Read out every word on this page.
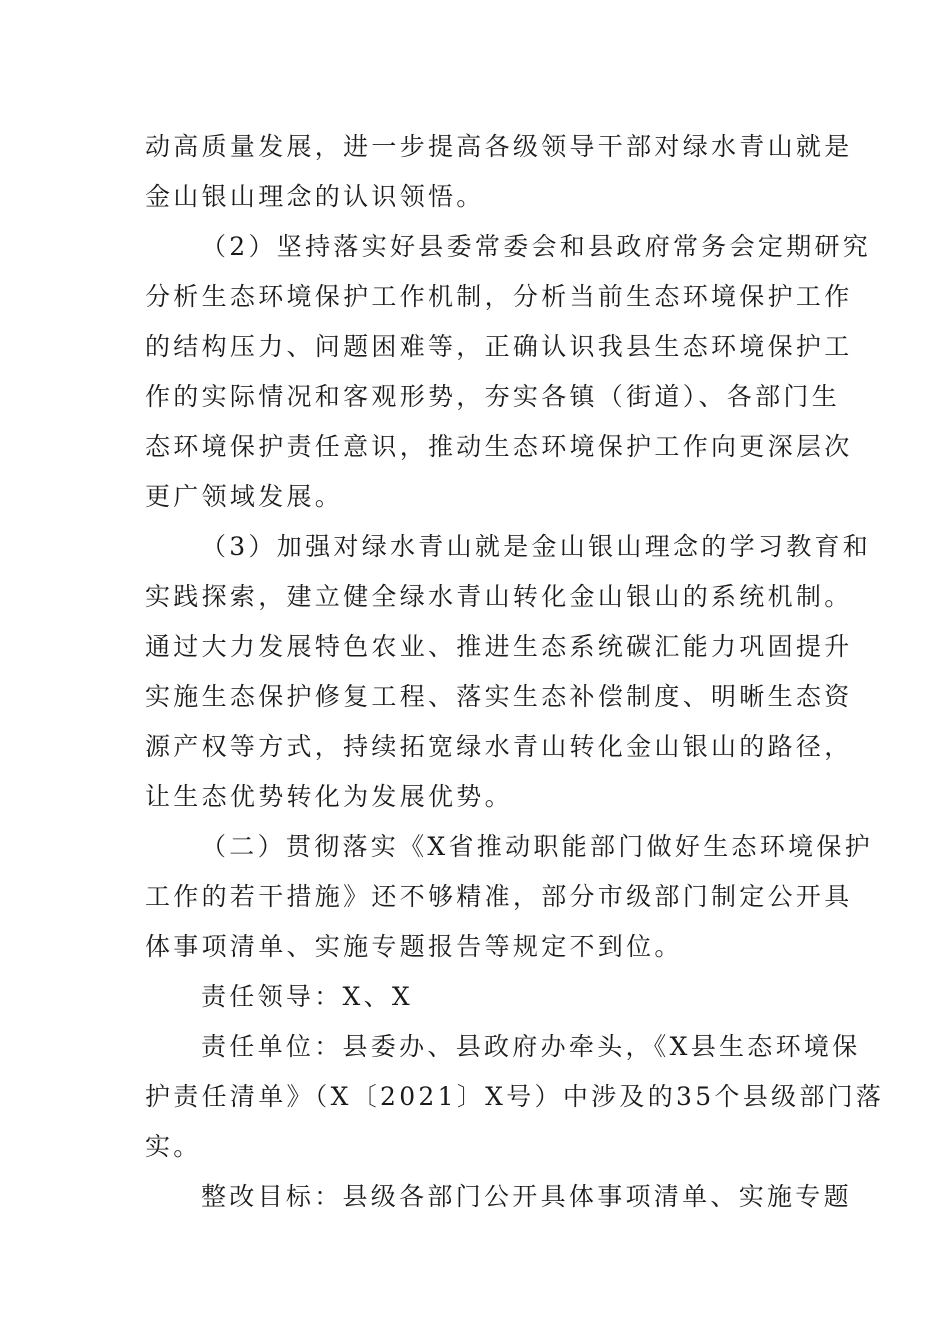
动高质量发展，进一步提高各级领导干部对绿水青山就是
金山银山理念的认识领悟。
（2）坚持落实好县委常委会和县政府常务会定期研究
分析生态环境保护工作机制，分析当前生态环境保护工作
的结构压力、问题困难等，正确认识我县生态环境保护工
作的实际情况和客观形势，夯实各镇（街道）、各部门生
态环境保护责任意识，推动生态环境保护工作向更深层次
更广领域发展。
（3）加强对绿水青山就是金山银山理念的学习教育和
实践探索，建立健全绿水青山转化金山银山的系统机制。
通过大力发展特色农业、推进生态系统碳汇能力巩固提升
实施生态保护修复工程、落实生态补偿制度、明晰生态资
源产权等方式，持续拓宽绿水青山转化金山银山的路径，
让生态优势转化为发展优势。
（二）贯彻落实《X省推动职能部门做好生态环境保护
工作的若干措施》还不够精准，部分市级部门制定公开具
体事项清单、实施专题报告等规定不到位。
责任领导：X、X
责任单位：县委办、县政府办牵头，《X县生态环境保
护责任清单》（X〔2021〕X号）中涉及的35个县级部门落
实。
整改目标：县级各部门公开具体事项清单、实施专题
